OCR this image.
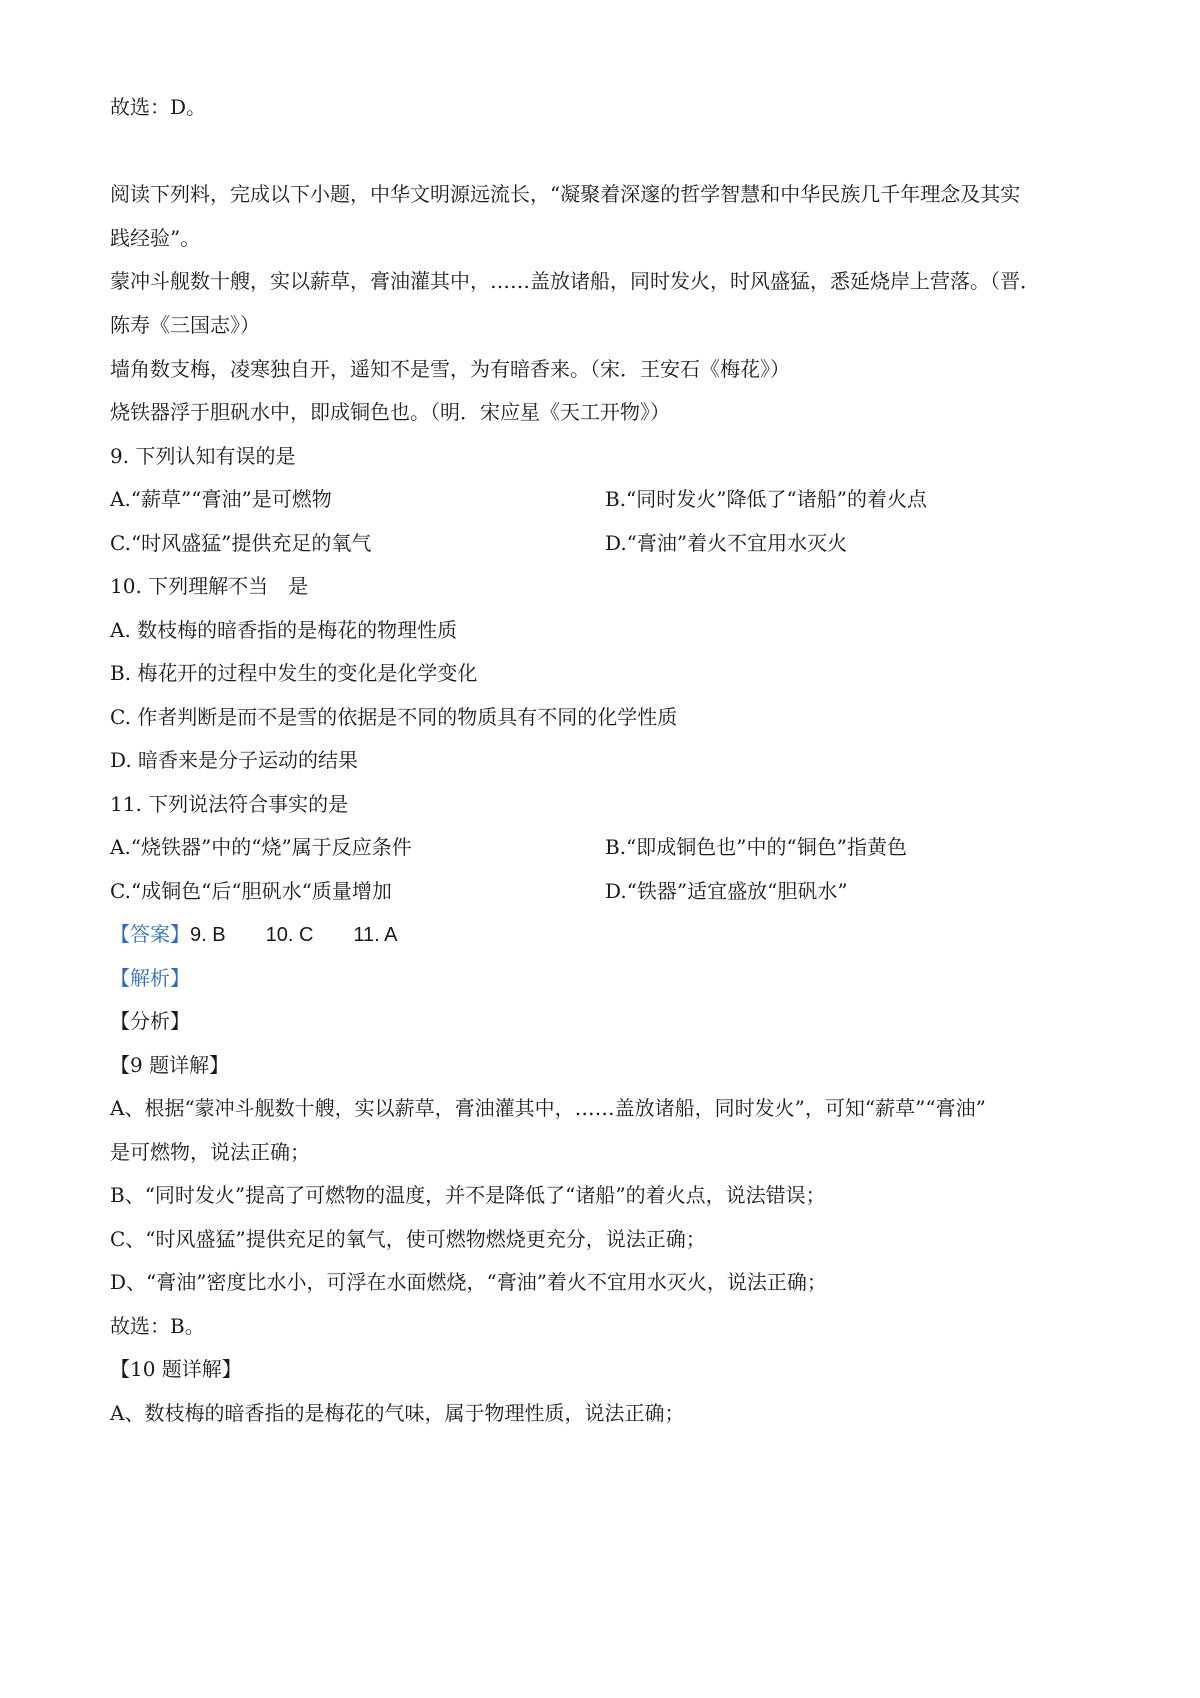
故选：D。
阅读下列料，完成以下小题，中华文明源远流长，“凝聚着深邃的哲学智慧和中华民族几千年理念及其实
践经验”。
蒙冲斗舰数十艘，实以薪草，膏油灌其中，……盖放诸船，同时发火，时风盛猛，悉延烧岸上营落。（晋．
陈寿《三国志》）
墙角数支梅，凌寒独自开，遥知不是雪，为有暗香来。（宋．王安石《梅花》）
烧铁器浮于胆矾水中，即成铜色也。（明．宋应星《天工开物》）
9. 下列认知有误的是
A.“薪草”“膏油”是可燃物	B.“同时发火”降低了“诸船”的着火点
C.“时风盛猛”提供充足的氧气	D.“膏油”着火不宜用水灭火
10. 下列理解不当　是
A. 数枝梅的暗香指的是梅花的物理性质
B. 梅花开的过程中发生的变化是化学变化
C. 作者判断是而不是雪的依据是不同的物质具有不同的化学性质
D. 暗香来是分子运动的结果
11. 下列说法符合事实的是
A.“烧铁器”中的“烧”属于反应条件	B.“即成铜色也”中的“铜色”指黄色
C.“成铜色“后“胆矾水“质量增加	D.“铁器”适宜盛放“胆矾水”
【答案】9. B 10. C 11. A
【解析】
【分析】
【9 题详解】
A、根据“蒙冲斗舰数十艘，实以薪草，膏油灌其中，……盖放诸船，同时发火”，可知“薪草”“膏油”
是可燃物，说法正确；
B、“同时发火”提高了可燃物的温度，并不是降低了“诸船”的着火点，说法错误；
C、“时风盛猛”提供充足的氧气，使可燃物燃烧更充分，说法正确；
D、“膏油”密度比水小，可浮在水面燃烧，“膏油”着火不宜用水灭火，说法正确；
故选：B。
【10 题详解】
A、数枝梅的暗香指的是梅花的气味，属于物理性质，说法正确；
